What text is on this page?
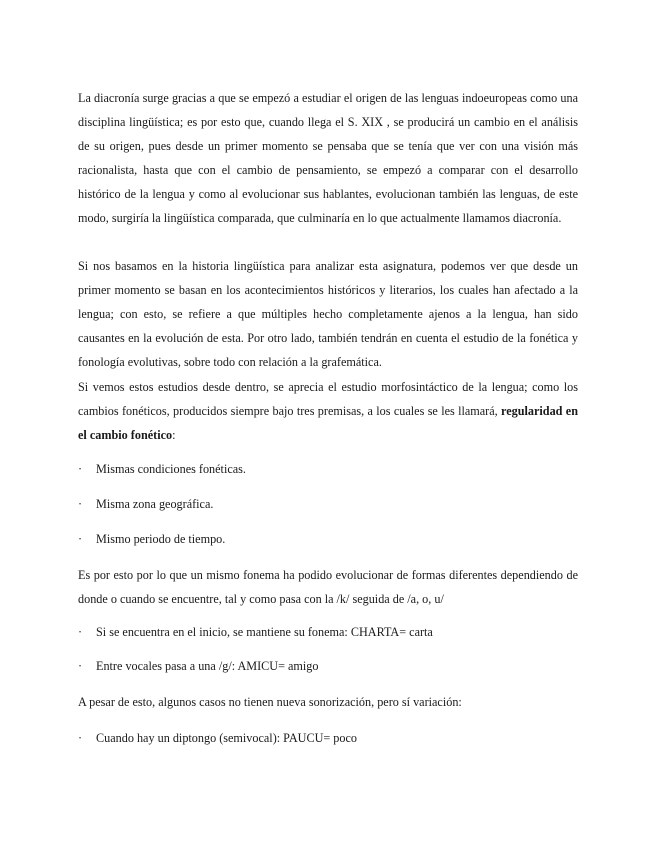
La diacronía surge gracias a que se empezó a estudiar el origen de las lenguas indoeuropeas como una disciplina lingüística; es por esto que, cuando llega el S. XIX , se producirá un cambio en el análisis de su origen, pues desde un primer momento se pensaba que se tenía que ver con una visión más racionalista, hasta que con el cambio de pensamiento, se empezó a comparar con el desarrollo histórico de la lengua y como al evolucionar sus hablantes, evolucionan también las lenguas, de este modo, surgiría la lingüística comparada, que culminaría en lo que actualmente llamamos diacronía.

Si nos basamos en la historia lingüística para analizar esta asignatura, podemos ver que desde un primer momento se basan en los acontecimientos históricos y literarios, los cuales han afectado a la lengua; con esto, se refiere a que múltiples hecho completamente ajenos a la lengua, han sido causantes en la evolución de esta. Por otro lado, también tendrán en cuenta el estudio de la fonética y fonología evolutivas, sobre todo con relación a la grafemática.

Si vemos estos estudios desde dentro, se aprecia el estudio morfosintáctico de la lengua; como los cambios fonéticos, producidos siempre bajo tres premisas, a los cuales se les llamará, regularidad en el cambio fonético:

· Mismas condiciones fonéticas.
· Misma zona geográfica.
· Mismo periodo de tiempo.

Es por esto por lo que un mismo fonema ha podido evolucionar de formas diferentes dependiendo de donde o cuando se encuentre, tal y como pasa con la /k/ seguida de /a, o, u/

· Si se encuentra en el inicio, se mantiene su fonema: CHARTA= carta
· Entre vocales pasa a una /g/: AMICU= amigo

A pesar de esto, algunos casos no tienen nueva sonorización, pero sí variación:

· Cuando hay un diptongo (semivocal): PAUCU= poco
